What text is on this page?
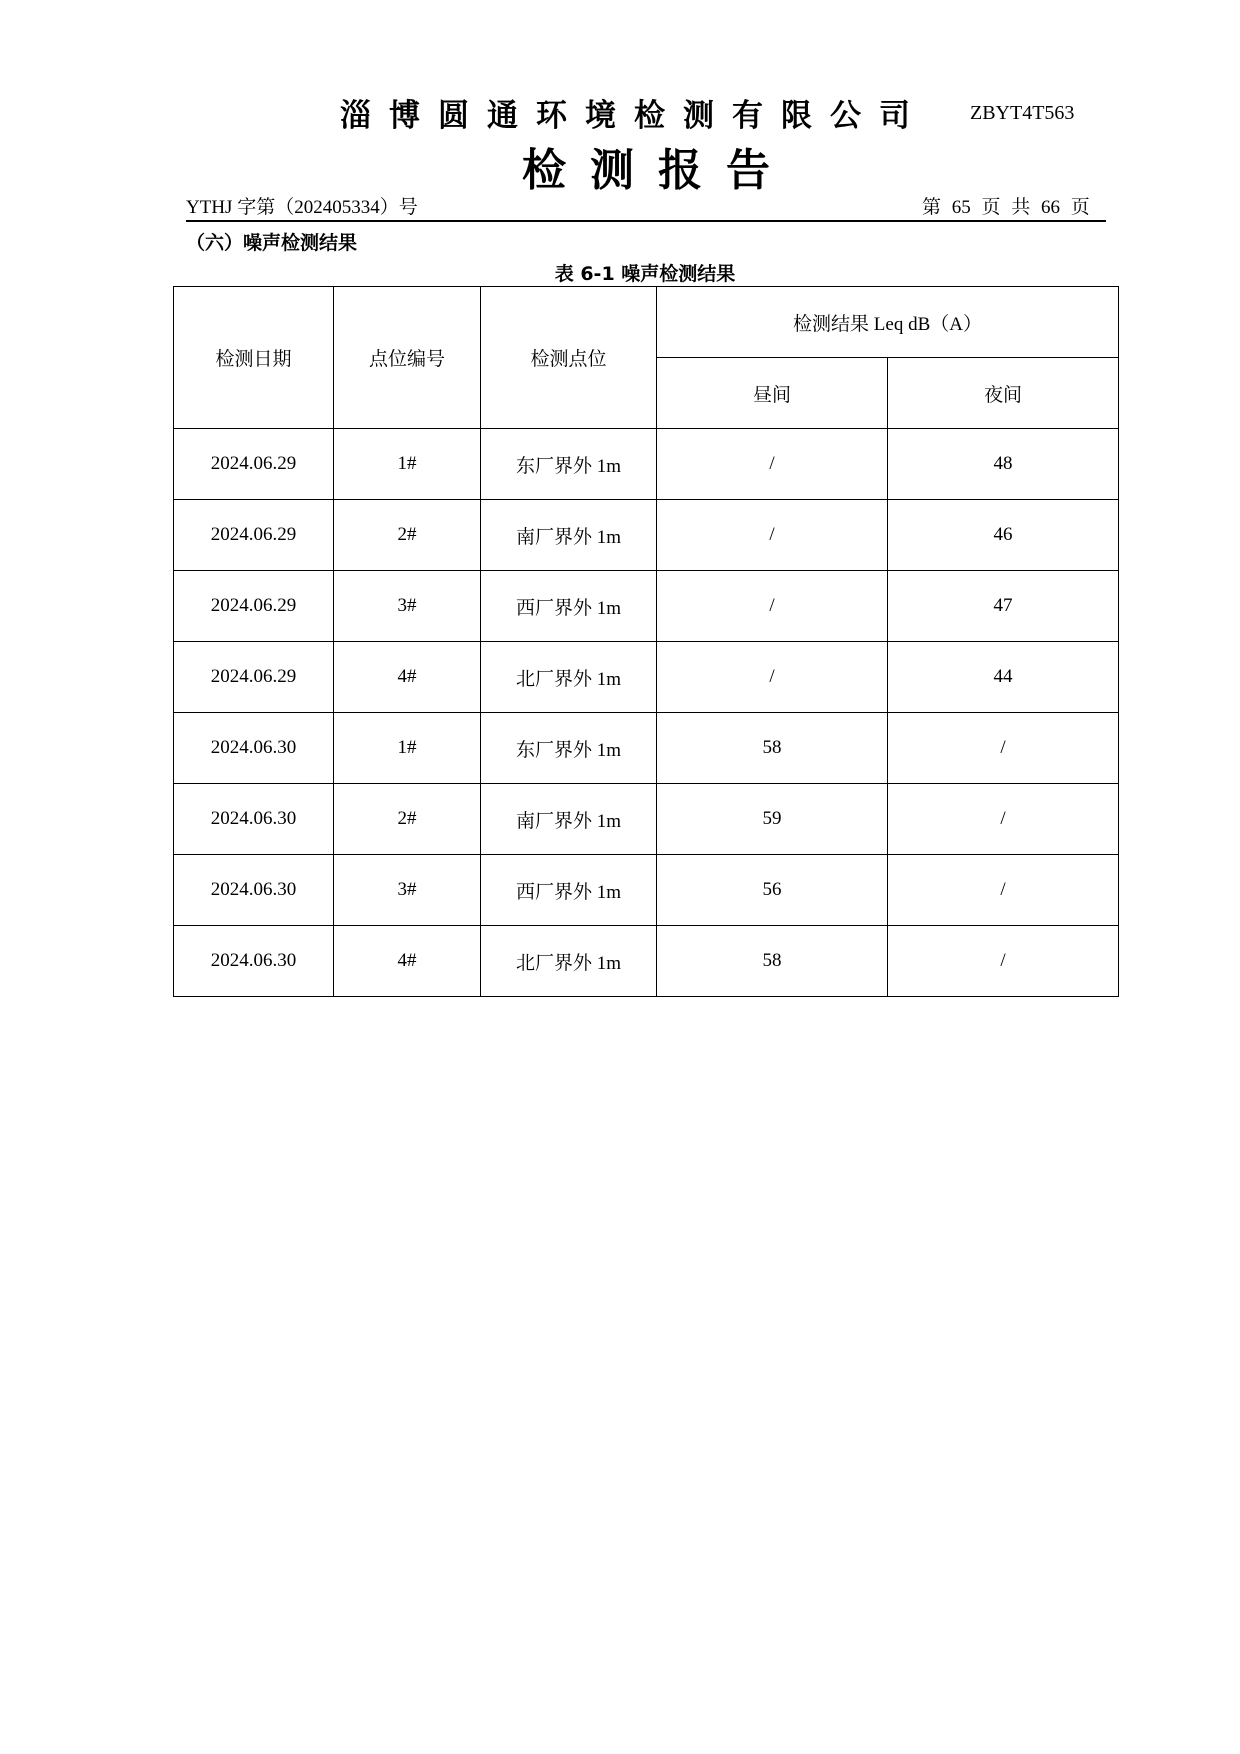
淄博圆通环境检测有限公司 ZBYT4T563
检测报告
YTHJ 字第（202405334）号	第 65 页 共 66 页
（六）噪声检测结果
表 6-1 噪声检测结果
检测日期	点位编号	检测点位	检测结果 Leq dB（A）	
			昼间	夜间
2024.06.29	1#	东厂界外 1m	/	48
2024.06.29	2#	南厂界外 1m	/	46
2024.06.29	3#	西厂界外 1m	/	47
2024.06.29	4#	北厂界外 1m	/	44
2024.06.30	1#	东厂界外 1m	58	/
2024.06.30	2#	南厂界外 1m	59	/
2024.06.30	3#	西厂界外 1m	56	/
2024.06.30	4#	北厂界外 1m	58	/
